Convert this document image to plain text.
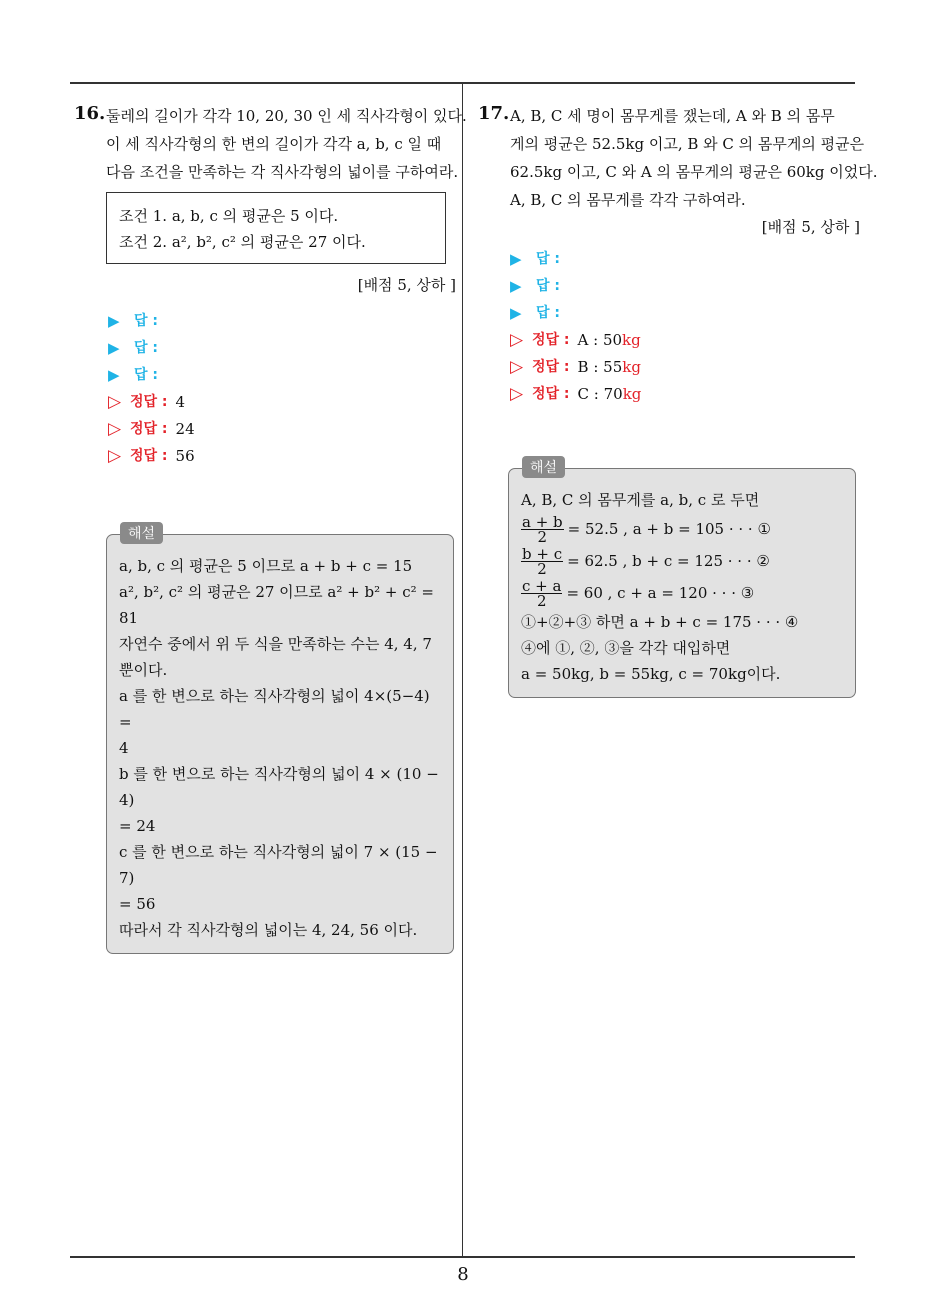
16. 둘레의 길이가 각각 10, 20, 30 인 세 직사각형이 있다.
이 세 직사각형의 한 변의 길이가 각각 a, b, c 일 때
다음 조건을 만족하는 각 직사각형의 넓이를 구하여라.
조건 1. a, b, c 의 평균은 5 이다.
조건 2. a², b², c² 의 평균은 27 이다.
[배점 5, 상하 ]
▶	답 :
▶	답 :
▶	답 :
▷ 정답 : 4
▷ 정답 : 24
▷ 정답 : 56
해설
a, b, c 의 평균은 5 이므로 a + b + c = 15
a², b², c² 의 평균은 27 이므로 a² + b² + c² = 81
자연수 중에서 위 두 식을 만족하는 수는 4, 4, 7
뿐이다.
a 를 한 변으로 하는 직사각형의 넓이 4×(5−4) =
4
b 를 한 변으로 하는 직사각형의 넓이 4 × (10 − 4)
= 24
c 를 한 변으로 하는 직사각형의 넓이 7 × (15 − 7)
= 56
따라서 각 직사각형의 넓이는 4, 24, 56 이다.
17. A, B, C 세 명이 몸무게를 쟀는데, A 와 B 의 몸무
게의 평균은 52.5kg 이고, B 와 C 의 몸무게의 평균은
62.5kg 이고, C 와 A 의 몸무게의 평균은 60kg 이었다.
A, B, C 의 몸무게를 각각 구하여라.
[배점 5, 상하 ]
▶	답 :
▶	답 :
▶	답 :
▷ 정답 : A : 50 kg
▷ 정답 : B : 55 kg
▷ 정답 : C : 70 kg
해설
A, B, C 의 몸무게를 a, b, c 로 두면
$\frac{a + b}{2} = 52.5$ , a + b = 105 · · · ①
$\frac{b + c}{2} = 62.5$ , b + c = 125 · · · ②
$\frac{c + a}{2} = 60$ , c + a = 120 · · · ③
①+②+③ 하면 a + b + c = 175 · · · ④
④에 ①, ②, ③을 각각 대입하면
a = 50kg, b = 55kg, c = 70kg이다.
8
